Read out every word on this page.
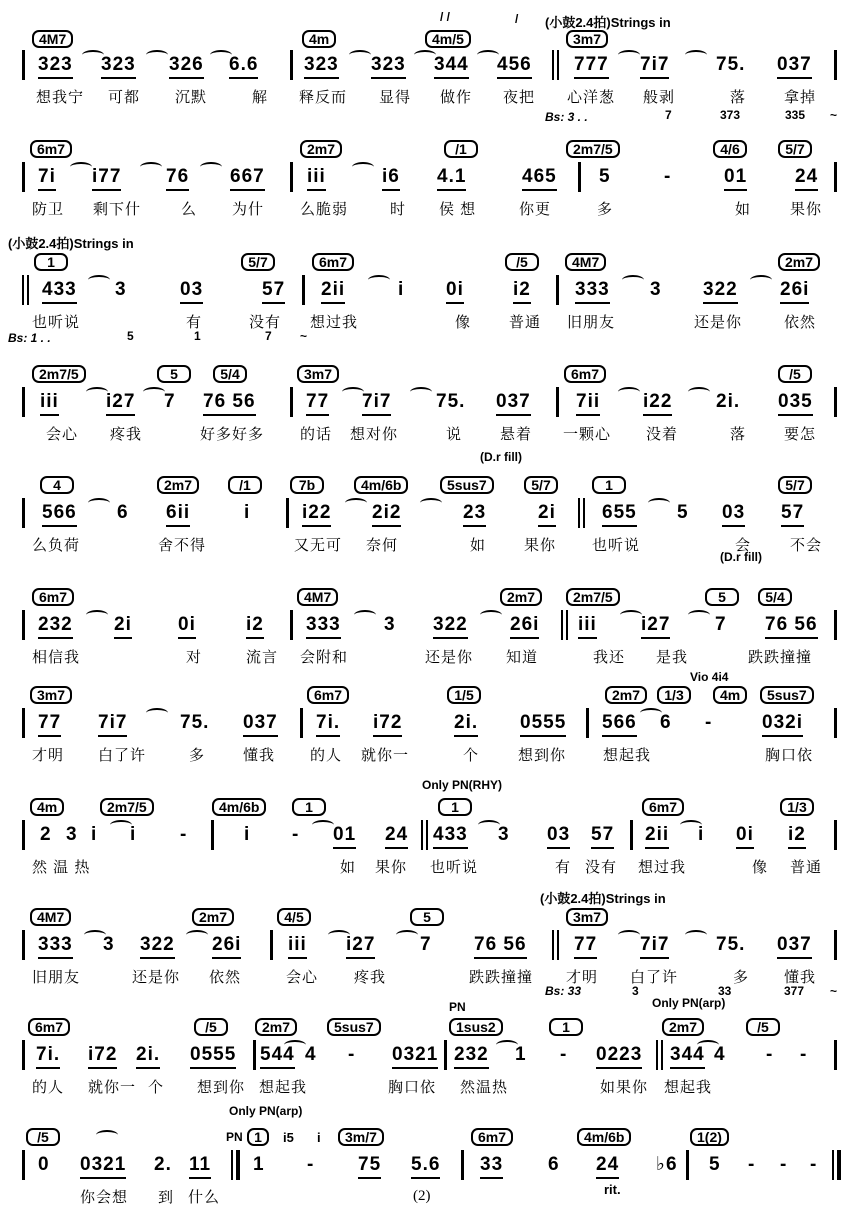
(小鼓2.4拍)Strings in
/ /	/
4M7	4m	4m/5	3m7
323 323 326 6.6 323 323 344 456 777 7i7 75. 037
想我宁 可都 沉默	解 释反而 显得 做作 夜把 心洋葱 般剥	落	拿掉
Bs: 3 . .	7	373	335 ~
6m7	2m7	/1	2m7/5	4/6	5/7
7i i77 76 667 iii	i6 4.1	465 5	-	01	24
防卫 剩下什	么 为什 么脆弱	时 侯 想	你更	多	如	果你
(小鼓2.4拍)Strings in
1	5/7	6m7	/5	4M7	2m7
433 3	03	57 2ii	i 0i	i2 333 3 322 26i
也听说	有	没有 想过我	像	普通 旧朋友	还是你	依然
Bs: 1 . .	5	1	7 ~
2m7/5	5	5/4	3m7	6m7	/5
iii i27 7 76 56	77 7i7 75. 037 7ii i22 2i. 035
会心 疼我	好多好多 的话 想对你	说	悬着 一颗心 没着	落	要怎
(D.r fill)
4	2m7	/1	7b	4m/6b	5sus7	5/7	1	5/7
566 6 6ii	i	i22 2i2	23	2i 655 5 03 57
么负荷	舍不得	又无可 奈何	如	果你 也听说	会	不会
(D.r fill)
6m7	4M7	2m7	2m7/5	5	5/4
232 2i 0i	i2 333 3 322 26i iii i27 7 76 56
相信我	对	流言 会附和	还是你 知道	我还 是我	跌跌撞撞
Vio 4i4
3m7	6m7	1/5	2m7	1/3	4m	5sus7
77 7i7	75. 037 7i. i72	2i. 0555 566 6 -	032i
才明 白了许	多	懂我 的人 就你一	个	想到你 想起我	胸口依
Only PN(RHY)
4m	2m7/5	4m/6b	1	1	6m7	1/3
2 3 i i -	i - 01 24 433 3 03 57 2ii i 0i i2
然 温 热	如 果你 也听说	有 没有 想过我	像 普通
(小鼓2.4拍)Strings in
4M7	2m7	4/5	5	3m7
333 3 322 26i iii i27 7 76 56 77 7i7 75. 037
旧朋友	还是你 依然	会心 疼我	跌跌撞撞 才明 白了许	多 懂我
Bs: 33	3	33	377 ~
Only PN(arp)
PN
6m7	/5	2m7	5sus7	1sus2	1	2m7	/5
7i. i72 2i. 0555 544 4 - 0321 232 1 - 0223 344 4 - -
的人 就你一 个 想到你 想起我	胸口依 然温热	如果你 想起我
Only PN(arp)
/5	PN 1	i5 i	3m/7	6m7	4m/6b	1(2)
0 0321 2. 11 1 - 75 5.6 33 6 24 ♭6 5 - - -
你会想 到 什么	rit.
(2)
